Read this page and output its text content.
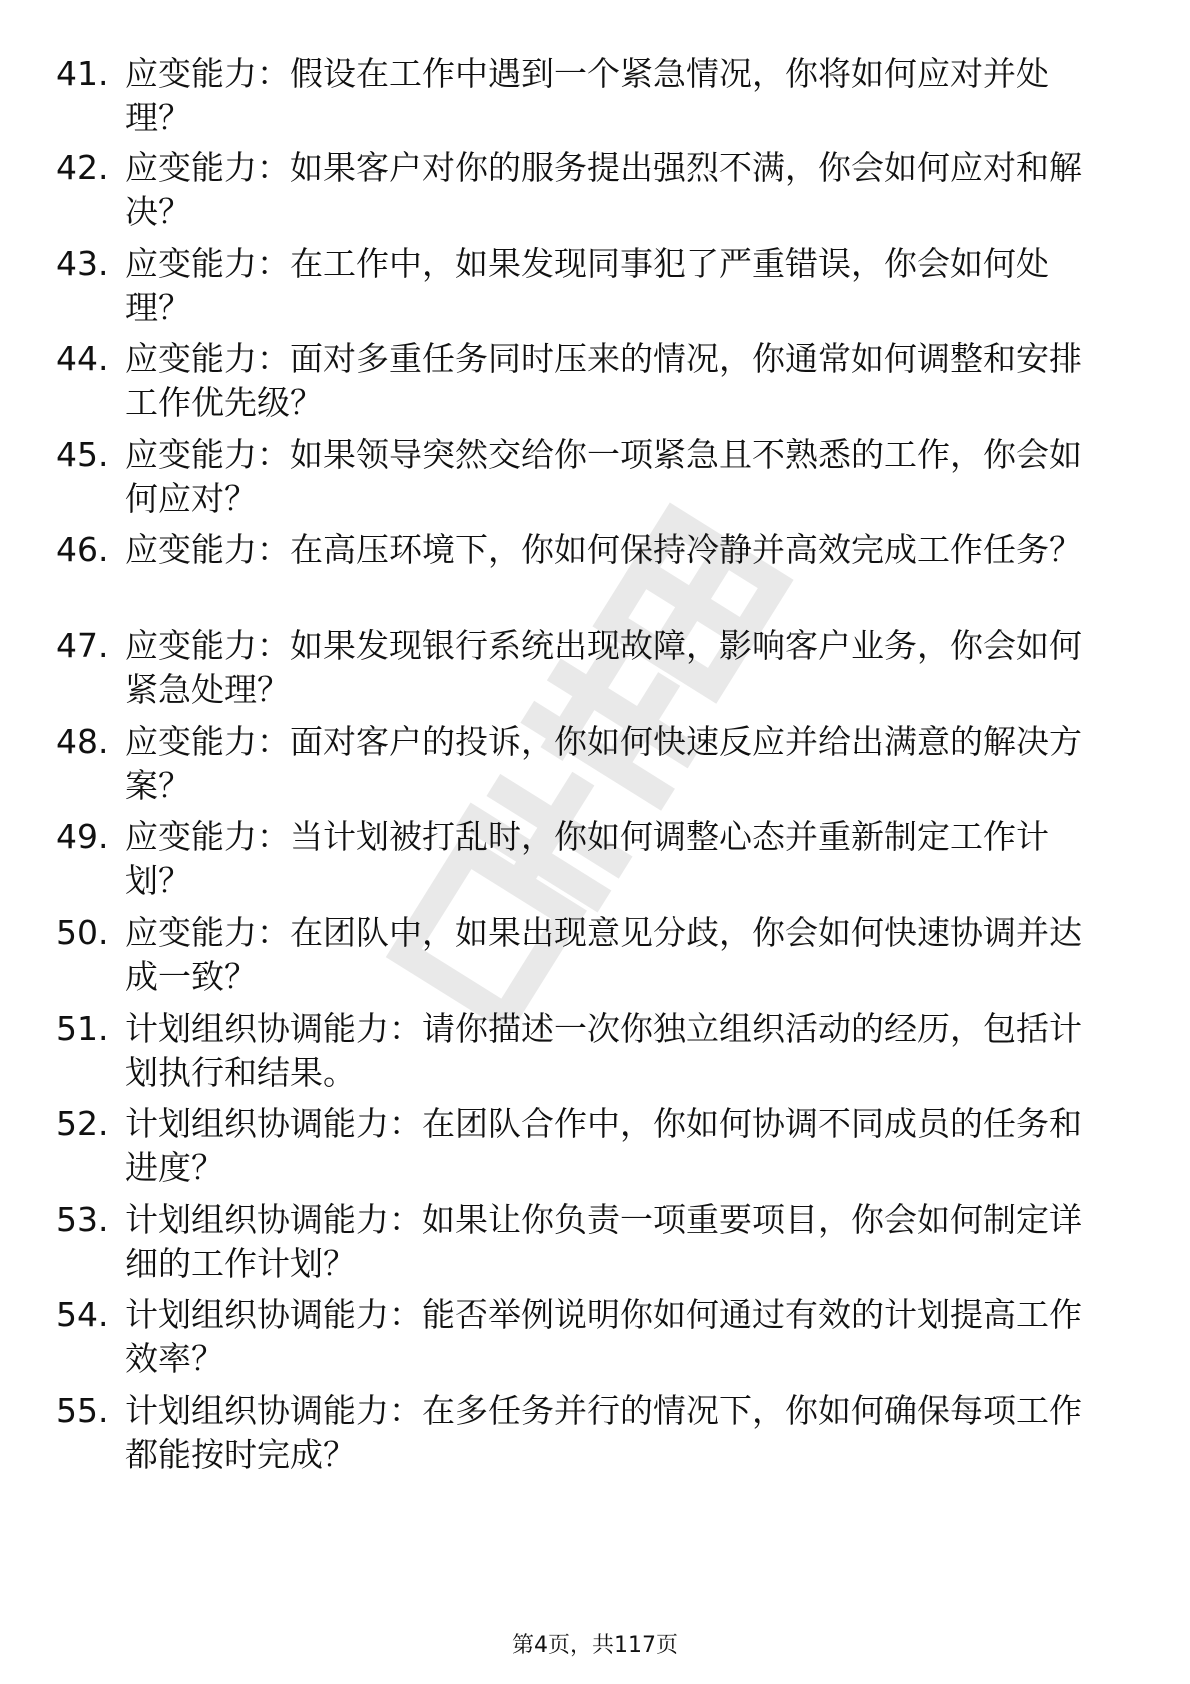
41. 应变能力：假设在工作中遇到一个紧急情况，你将如何应对并处理？
42. 应变能力：如果客户对你的服务提出强烈不满，你会如何应对和解决？
43. 应变能力：在工作中，如果发现同事犯了严重错误，你会如何处理？
44. 应变能力：面对多重任务同时压来的情况，你通常如何调整和安排工作优先级？
45. 应变能力：如果领导突然交给你一项紧急且不熟悉的工作，你会如何应对？
46. 应变能力：在高压环境下，你如何保持冷静并高效完成工作任务？
47. 应变能力：如果发现银行系统出现故障，影响客户业务，你会如何紧急处理？
48. 应变能力：面对客户的投诉，你如何快速反应并给出满意的解决方案？
49. 应变能力：当计划被打乱时，你如何调整心态并重新制定工作计划？
50. 应变能力：在团队中，如果出现意见分歧，你会如何快速协调并达成一致？
51. 计划组织协调能力：请你描述一次你独立组织活动的经历，包括计划执行和结果。
52. 计划组织协调能力：在团队合作中，你如何协调不同成员的任务和进度？
53. 计划组织协调能力：如果让你负责一项重要项目，你会如何制定详细的工作计划？
54. 计划组织协调能力：能否举例说明你如何通过有效的计划提高工作效率？
55. 计划组织协调能力：在多任务并行的情况下，你如何确保每项工作都能按时完成？
第4页，共117页
